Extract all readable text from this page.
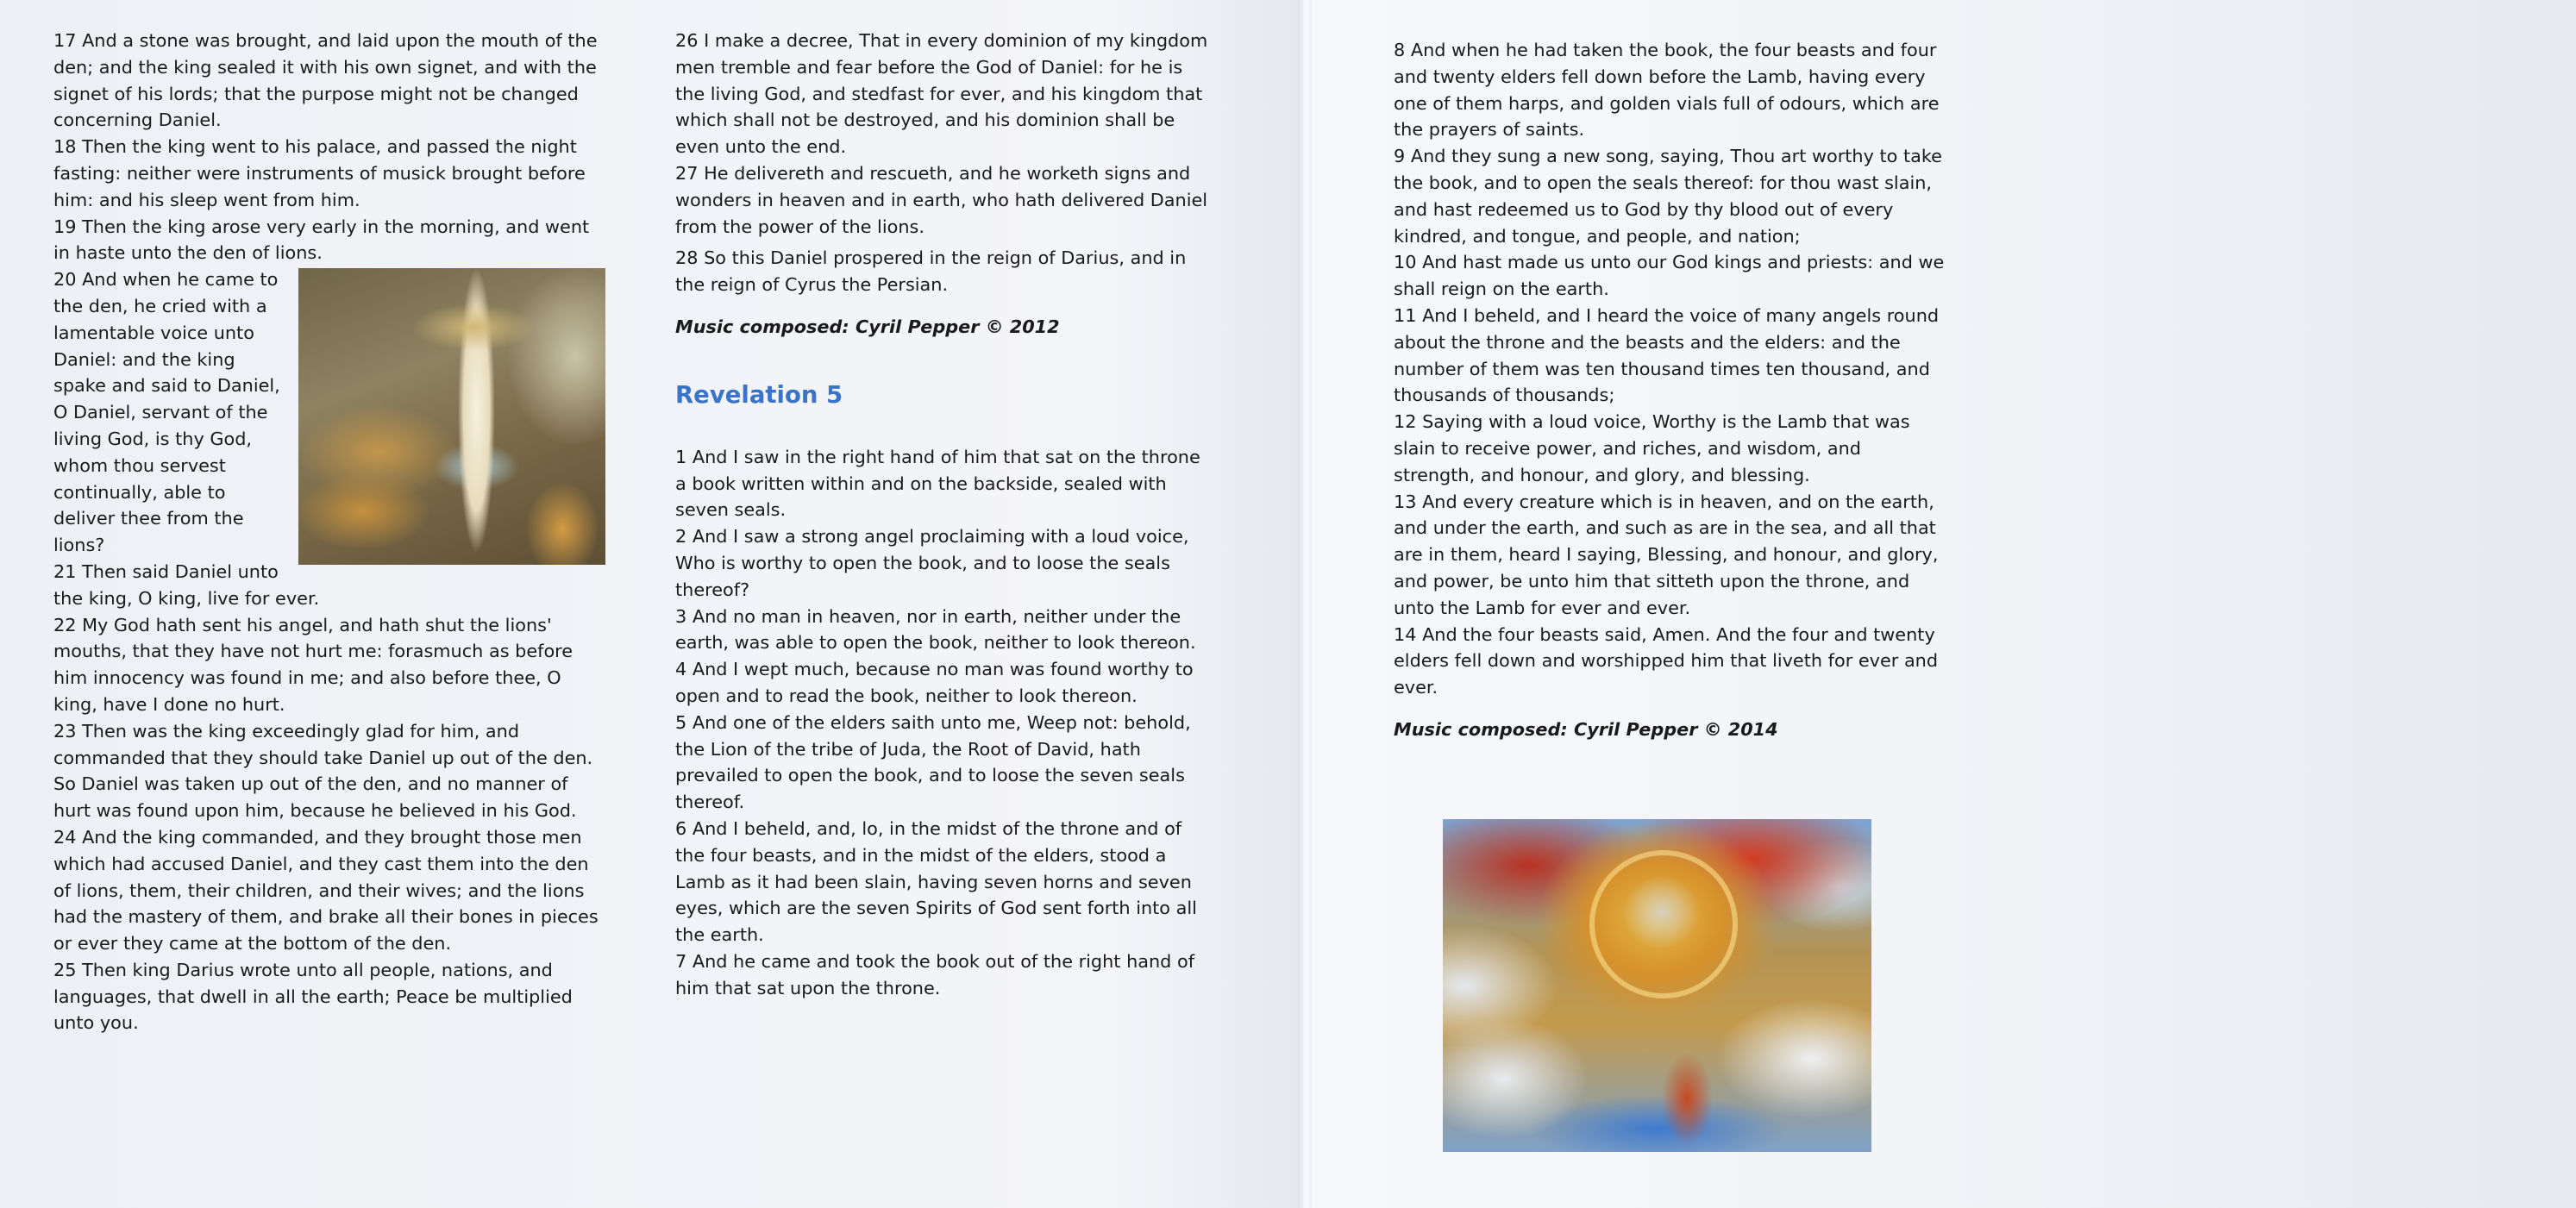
17 And a stone was brought, and laid upon the mouth of the den; and the king sealed it with his own signet, and with the signet of his lords; that the purpose might not be changed concerning Daniel.

18 Then the king went to his palace, and passed the night fasting: neither were instruments of musick brought before him: and his sleep went from him.

19 Then the king arose very early in the morning, and went in haste unto the den of lions.

20 And when he came to the den, he cried with a lamentable voice unto Daniel: and the king spake and said to Daniel, O Daniel, servant of the living God, is thy God, whom thou servest continually, able to deliver thee from the lions?

21 Then said Daniel unto the king, O king, live for ever.

22 My God hath sent his angel, and hath shut the lions' mouths, that they have not hurt me: forasmuch as before him innocency was found in me; and also before thee, O king, have I done no hurt.

23 Then was the king exceedingly glad for him, and commanded that they should take Daniel up out of the den. So Daniel was taken up out of the den, and no manner of hurt was found upon him, because he believed in his God.

24 And the king commanded, and they brought those men which had accused Daniel, and they cast them into the den of lions, them, their children, and their wives; and the lions had the mastery of them, and brake all their bones in pieces or ever they came at the bottom of the den.

25 Then king Darius wrote unto all people, nations, and languages, that dwell in all the earth; Peace be multiplied unto you.

26 I make a decree, That in every dominion of my kingdom men tremble and fear before the God of Daniel: for he is the living God, and stedfast for ever, and his kingdom that which shall not be destroyed, and his dominion shall be even unto the end.

27 He delivereth and rescueth, and he worketh signs and wonders in heaven and in earth, who hath delivered Daniel from the power of the lions.

28 So this Daniel prospered in the reign of Darius, and in the reign of Cyrus the Persian.

Music composed: Cyril Pepper © 2012

Revelation 5

1 And I saw in the right hand of him that sat on the throne a book written within and on the backside, sealed with seven seals.

2 And I saw a strong angel proclaiming with a loud voice, Who is worthy to open the book, and to loose the seals thereof?

3 And no man in heaven, nor in earth, neither under the earth, was able to open the book, neither to look thereon.

4 And I wept much, because no man was found worthy to open and to read the book, neither to look thereon.

5 And one of the elders saith unto me, Weep not: behold, the Lion of the tribe of Juda, the Root of David, hath prevailed to open the book, and to loose the seven seals thereof.

6 And I beheld, and, lo, in the midst of the throne and of the four beasts, and in the midst of the elders, stood a Lamb as it had been slain, having seven horns and seven eyes, which are the seven Spirits of God sent forth into all the earth.

7 And he came and took the book out of the right hand of him that sat upon the throne.

8 And when he had taken the book, the four beasts and four and twenty elders fell down before the Lamb, having every one of them harps, and golden vials full of odours, which are the prayers of saints.

9 And they sung a new song, saying, Thou art worthy to take the book, and to open the seals thereof: for thou wast slain, and hast redeemed us to God by thy blood out of every kindred, and tongue, and people, and nation;

10 And hast made us unto our God kings and priests: and we shall reign on the earth.

11 And I beheld, and I heard the voice of many angels round about the throne and the beasts and the elders: and the number of them was ten thousand times ten thousand, and thousands of thousands;

12 Saying with a loud voice, Worthy is the Lamb that was slain to receive power, and riches, and wisdom, and strength, and honour, and glory, and blessing.

13 And every creature which is in heaven, and on the earth, and under the earth, and such as are in the sea, and all that are in them, heard I saying, Blessing, and honour, and glory, and power, be unto him that sitteth upon the throne, and unto the Lamb for ever and ever.

14 And the four beasts said, Amen. And the four and twenty elders fell down and worshipped him that liveth for ever and ever.

Music composed: Cyril Pepper © 2014
